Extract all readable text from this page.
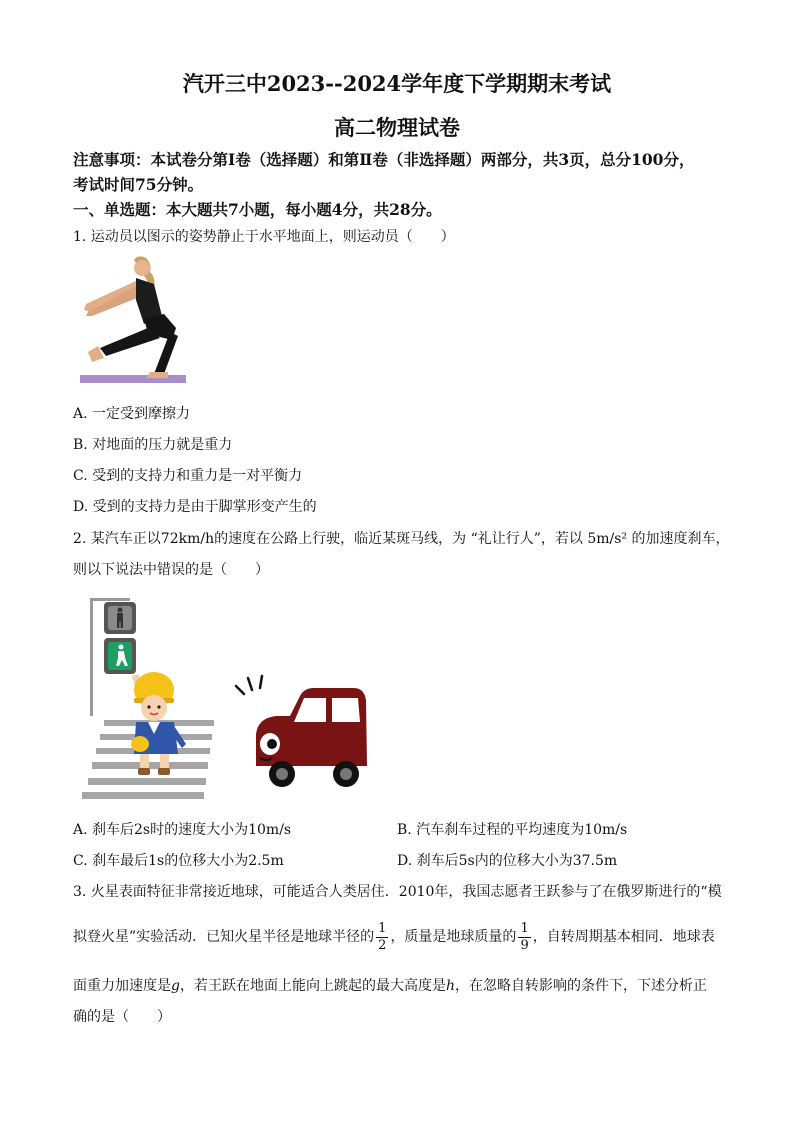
汽开三中2023--2024学年度下学期期末考试
高二物理试卷
注意事项：本试卷分第Ⅰ卷（选择题）和第Ⅱ卷（非选择题）两部分，共3页，总分100分，
考试时间75分钟。
一、单选题：本大题共7小题，每小题4分，共28分。
1. 运动员以图示的姿势静止于水平地面上，则运动员（　　）
A. 一定受到摩擦力
B. 对地面的压力就是重力
C. 受到的支持力和重力是一对平衡力
D. 受到的支持力是由于脚掌形变产生的
2. 某汽车正以72km/h的速度在公路上行驶，临近某斑马线，为 “礼让行人”，若以 5m/s² 的加速度刹车，
则以下说法中错误的是（　　）
A. 刹车后2s时的速度大小为10m/s	B. 汽车刹车过程的平均速度为10m/s
C. 刹车最后1s的位移大小为2.5m	D. 刹车后5s内的位移大小为37.5m
3. 火星表面特征非常接近地球，可能适合人类居住．2010年，我国志愿者王跃参与了在俄罗斯进行的“模
拟登火星”实验活动．已知火星半径是地球半径的 $\frac{1}{2}$ ，质量是地球质量的 $\frac{1}{9}$ ，自转周期基本相同．地球表
面重力加速度是g，若王跃在地面上能向上跳起的最大高度是h，在忽略自转影响的条件下，下述分析正
确的是（　　）
